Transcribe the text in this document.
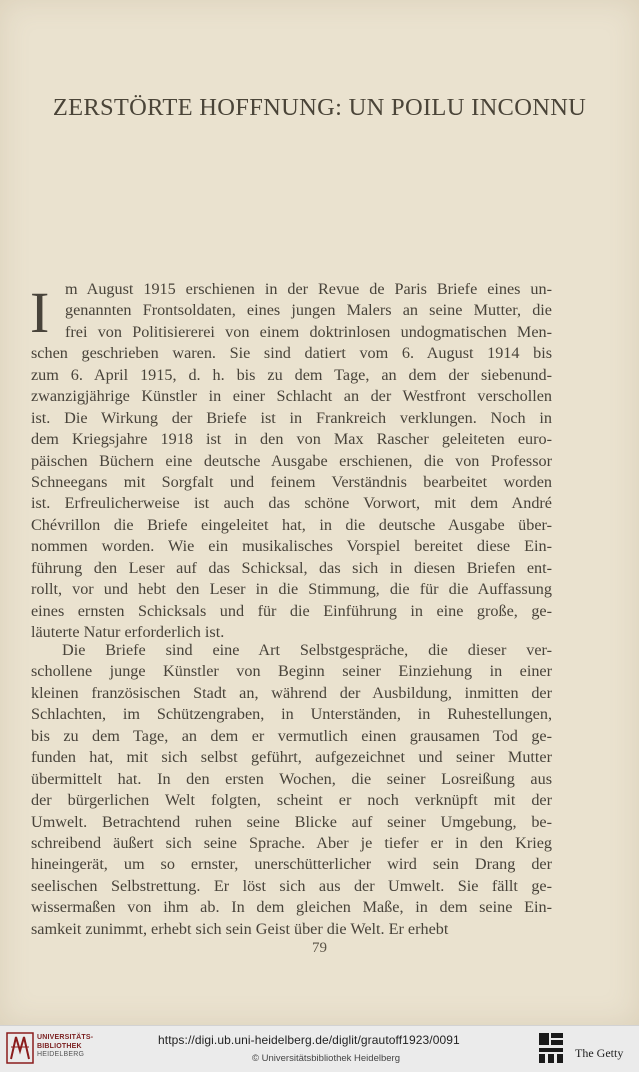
ZERSTÖRTE HOFFNUNG: UN POILU INCONNU
I m August 1915 erschienen in der Revue de Paris Briefe eines un-
genannten Frontsoldaten, eines jungen Malers an seine Mutter, die
frei von Politisiererei von einem doktrinlosen undogmatischen Men-
schen geschrieben waren. Sie sind datiert vom 6. August 1914 bis
zum 6. April 1915, d. h. bis zu dem Tage, an dem der siebenund-
zwanzigjährige Künstler in einer Schlacht an der Westfront verschollen
ist. Die Wirkung der Briefe ist in Frankreich verklungen. Noch in
dem Kriegsjahre 1918 ist in den von Max Rascher geleiteten euro-
päischen Büchern eine deutsche Ausgabe erschienen, die von Professor
Schneegans mit Sorgfalt und feinem Verständnis bearbeitet worden
ist. Erfreulicherweise ist auch das schöne Vorwort, mit dem André
Chévrillon die Briefe eingeleitet hat, in die deutsche Ausgabe über-
nommen worden. Wie ein musikalisches Vorspiel bereitet diese Ein-
führung den Leser auf das Schicksal, das sich in diesen Briefen ent-
rollt, vor und hebt den Leser in die Stimmung, die für die Auffassung
eines ernsten Schicksals und für die Einführung in eine große, ge-
läuterte Natur erforderlich ist.
Die Briefe sind eine Art Selbstgespräche, die dieser ver-
schollene junge Künstler von Beginn seiner Einziehung in einer
kleinen französischen Stadt an, während der Ausbildung, inmitten der
Schlachten, im Schützengraben, in Unterständen, in Ruhestellungen,
bis zu dem Tage, an dem er vermutlich einen grausamen Tod ge-
funden hat, mit sich selbst geführt, aufgezeichnet und seiner Mutter
übermittelt hat. In den ersten Wochen, die seiner Losreißung aus
der bürgerlichen Welt folgten, scheint er noch verknüpft mit der
Umwelt. Betrachtend ruhen seine Blicke auf seiner Umgebung, be-
schreibend äußert sich seine Sprache. Aber je tiefer er in den Krieg
hineingerät, um so ernster, unerschütterlicher wird sein Drang der
seelischen Selbstrettung. Er löst sich aus der Umwelt. Sie fällt ge-
wissermaßen von ihm ab. In dem gleichen Maße, in dem seine Ein-
samkeit zunimmt, erhebt sich sein Geist über die Welt. Er erhebt
79
UNIVERSITÄTS-
BIBLIOTHEK
HEIDELBERG
https://digi.ub.uni-heidelberg.de/diglit/grautoff1923/0091
© Universitätsbibliothek Heidelberg	The Getty
